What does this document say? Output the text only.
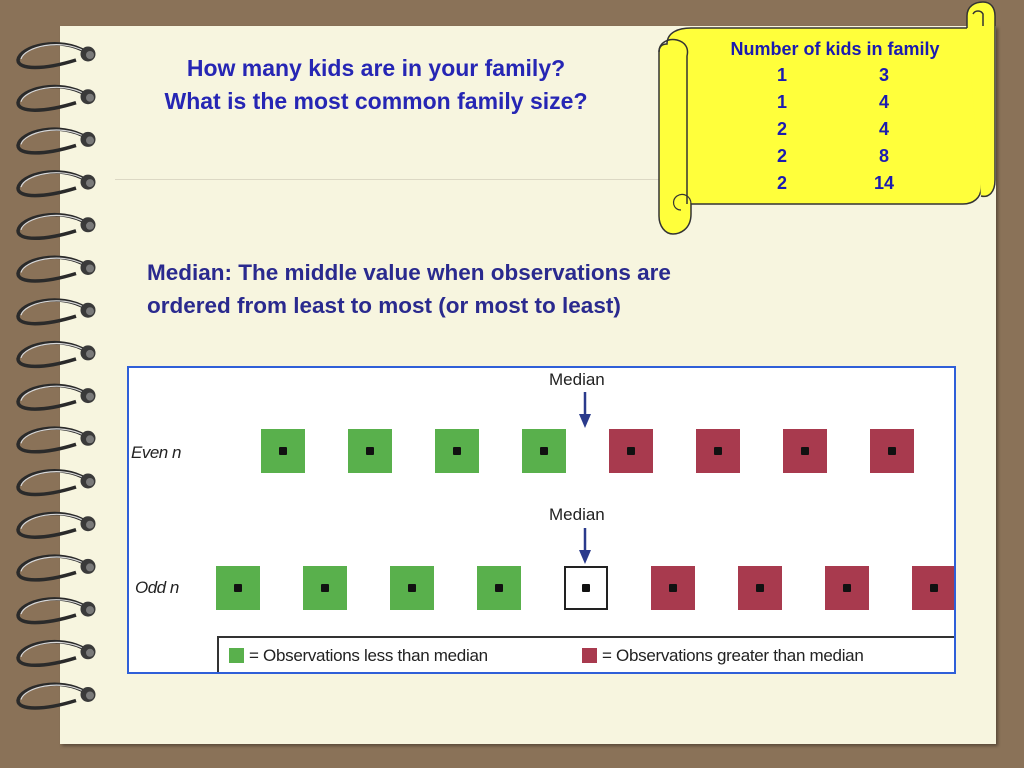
How many kids are in your family?
What is the most common family size?
Number of kids in family
1	3
1	4
2	4
2	8
2	14
Median: The middle value when observations are
ordered from least to most (or most to least)
Even n
Median
Odd n
Median
= Observations less than median	= Observations greater than median
